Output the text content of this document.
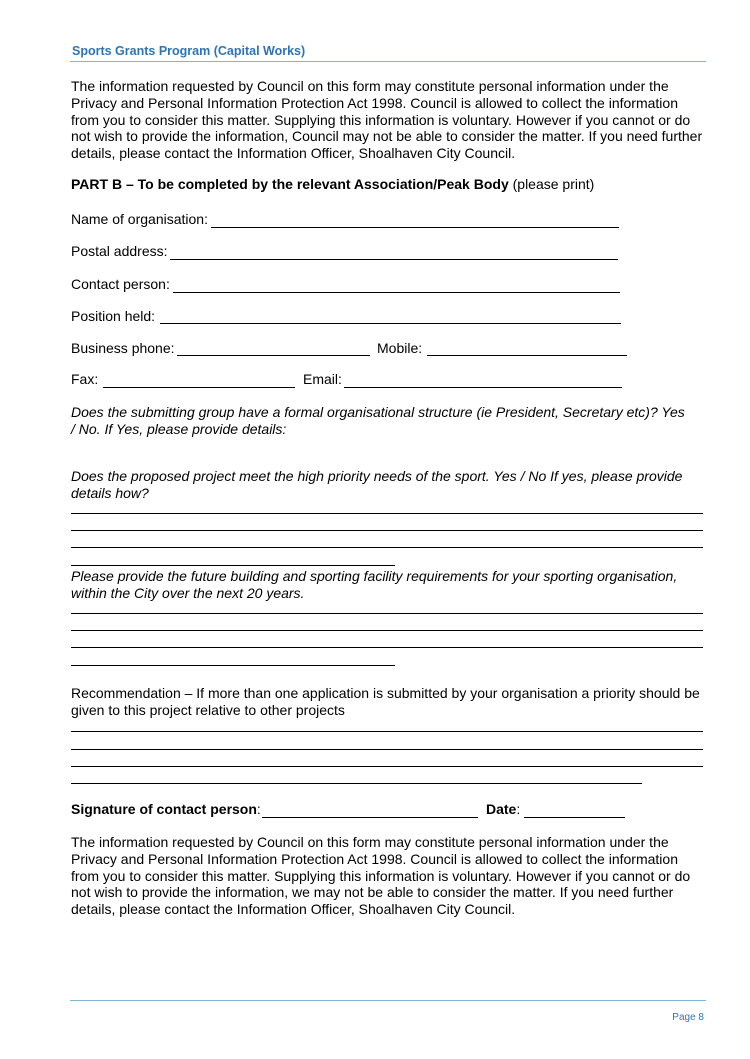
Sports Grants Program (Capital Works)
The information requested by Council on this form may constitute personal information under the
Privacy and Personal Information Protection Act 1998. Council is allowed to collect the information
from you to consider this matter. Supplying this information is voluntary. However if you cannot or do
not wish to provide the information, Council may not be able to consider the matter. If you need further
details, please contact the Information Officer, Shoalhaven City Council.
PART B – To be completed by the relevant Association/Peak Body (please print)
Name of organisation:
Postal address:
Contact person:
Position held:
Business phone:	Mobile:
Fax:	Email:
Does the submitting group have a formal organisational structure (ie President, Secretary etc)? Yes
/ No. If Yes, please provide details:
Does the proposed project meet the high priority needs of the sport. Yes / No If yes, please provide
details how?
Please provide the future building and sporting facility requirements for your sporting organisation,
within the City over the next 20 years.
Recommendation – If more than one application is submitted by your organisation a priority should be
given to this project relative to other projects
Signature of contact person:	Date:
The information requested by Council on this form may constitute personal information under the
Privacy and Personal Information Protection Act 1998. Council is allowed to collect the information
from you to consider this matter. Supplying this information is voluntary. However if you cannot or do
not wish to provide the information, we may not be able to consider the matter. If you need further
details, please contact the Information Officer, Shoalhaven City Council.
Page 8
